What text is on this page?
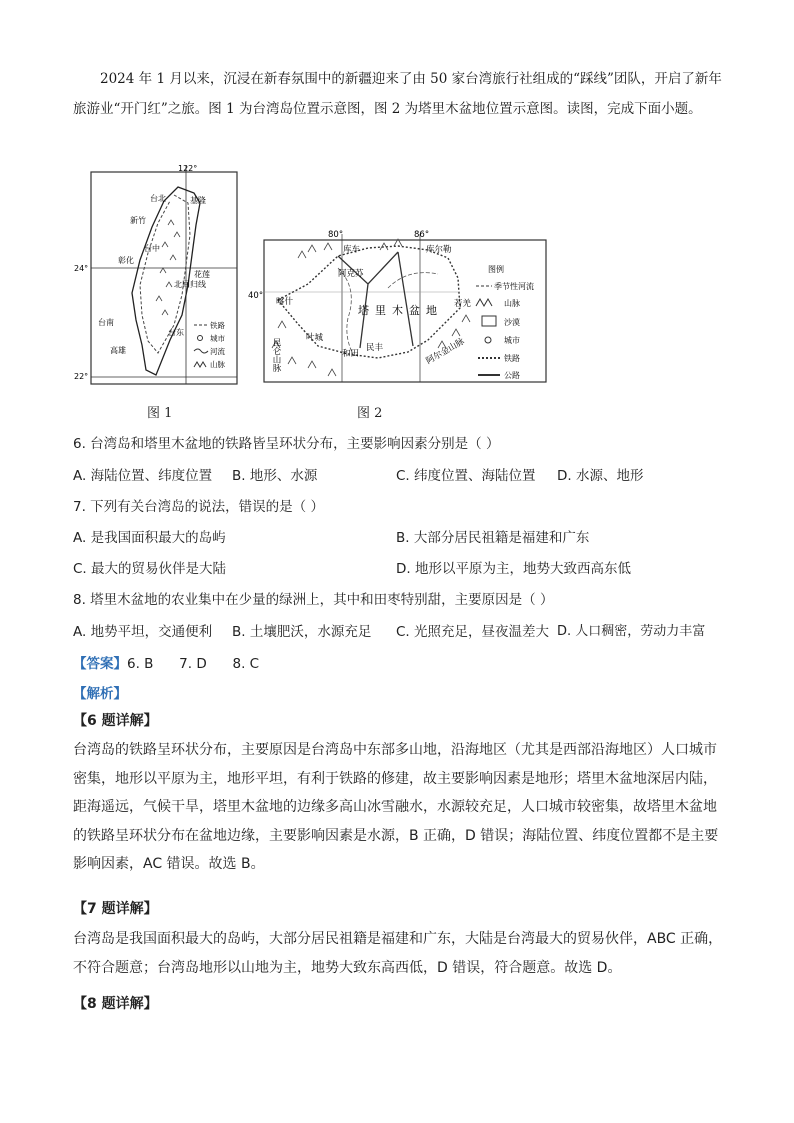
2024 年 1 月以来，沉浸在新春氛围中的新疆迎来了由 50 家台湾旅行社组成的“踩线”团队，开启了新年旅游业“开门红”之旅。图 1 为台湾岛位置示意图，图 2 为塔里木盆地位置示意图。读图，完成下面小题。
122°
24°
22°
台北	基隆
新竹
台中
彰化
花莲
北回归线
台东
台南
高雄
铁路
城市
河流
山脉
图 1
80°	86°
40°
库车	库尔勒
阿克苏
喀什	若羌
叶城
和田
民丰
塔里木盆地
昆仑山脉	阿尔金山脉
图例
季节性河流
山脉
沙漠
城市
铁路
公路
图 2
6. 台湾岛和塔里木盆地的铁路皆呈环状分布，主要影响因素分别是（ ）
A. 海陆位置、纬度位置 B. 地形、水源	C. 纬度位置、海陆位置 D. 水源、地形
7. 下列有关台湾岛的说法，错误的是（ ）
A. 是我国面积最大的岛屿	B. 大部分居民祖籍是福建和广东
C. 最大的贸易伙伴是大陆	D. 地形以平原为主，地势大致西高东低
8. 塔里木盆地的农业集中在少量的绿洲上，其中和田枣特别甜，主要原因是（ ）
A. 地势平坦，交通便利 B. 土壤肥沃，水源充足 C. 光照充足，昼夜温差大 D. 人口稠密，劳动力丰富
【答案】6. B      7. D      8. C
【解析】
【6 题详解】
台湾岛的铁路呈环状分布，主要原因是台湾岛中东部多山地，沿海地区（尤其是西部沿海地区）人口城市密集，地形以平原为主，地形平坦，有利于铁路的修建，故主要影响因素是地形；塔里木盆地深居内陆，距海遥远，气候干旱，塔里木盆地的边缘多高山冰雪融水，水源较充足，人口城市较密集，故塔里木盆地的铁路呈环状分布在盆地边缘，主要影响因素是水源，B 正确，D 错误；海陆位置、纬度位置都不是主要影响因素，AC 错误。故选 B。
【7 题详解】
台湾岛是我国面积最大的岛屿，大部分居民祖籍是福建和广东，大陆是台湾最大的贸易伙伴，ABC 正确，不符合题意；台湾岛地形以山地为主，地势大致东高西低，D 错误，符合题意。故选 D。
【8 题详解】
